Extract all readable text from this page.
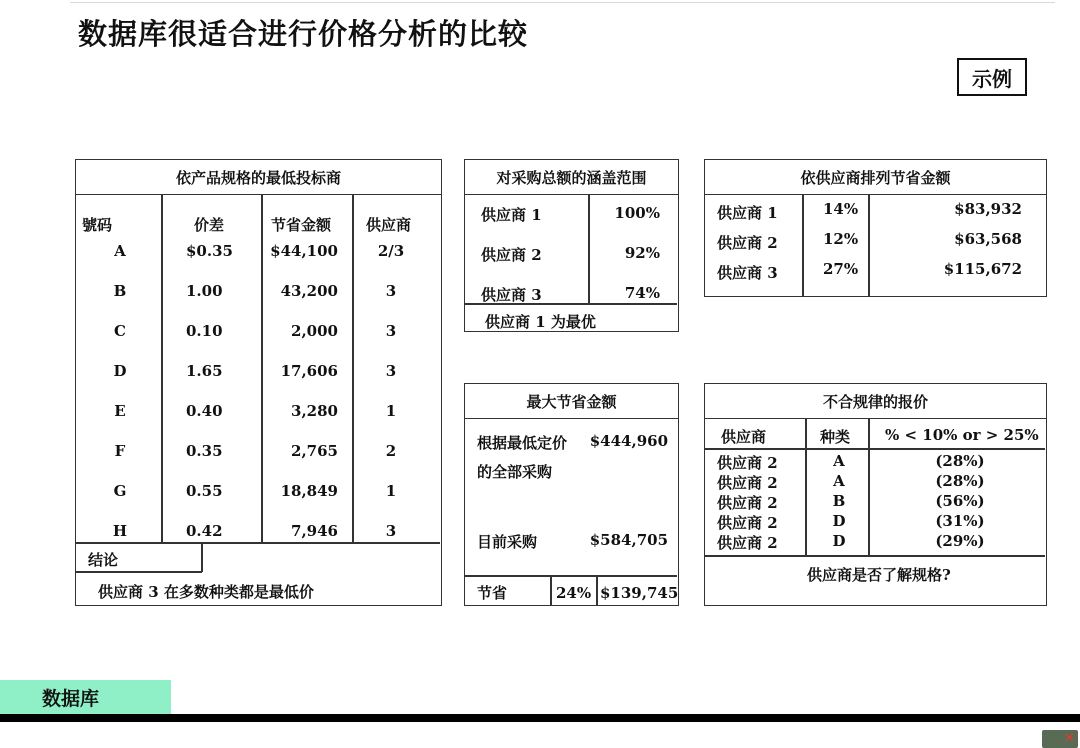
数据库很适合进行价格分析的比较
示例
依产品规格的最低投标商
號码	价差	节省金额 供应商
A	$0.35	$44,100	2/3
B	1.00	43,200	3
C	0.10	2,000	3
D	1.65	17,606	3
E	0.40	3,280	1
F	0.35	2,765	2
G	0.55	18,849	1
H	0.42	7,946	3
结论
供应商 3 在多数种类都是最低价
对采购总额的涵盖范围
供应商 1	100%
供应商 2	92%
供应商 3	74%
供应商 1 为最优
依供应商排列节省金额
供应商 1	14%	$83,932
供应商 2	12%	$63,568
供应商 3	27%	$115,672
最大节省金额
根据最低定价
的全部采购
$444,960
目前采购	$584,705
节省	24% $139,745
不合规律的报价
供应商	种类 % < 10% or > 25%
供应商 2	A	(28%)
供应商 2	A	(28%)
供应商 2	B	(56%)
供应商 2	D	(31%)
供应商 2	D	(29%)
供应商是否了解规格?
数据库
✕
